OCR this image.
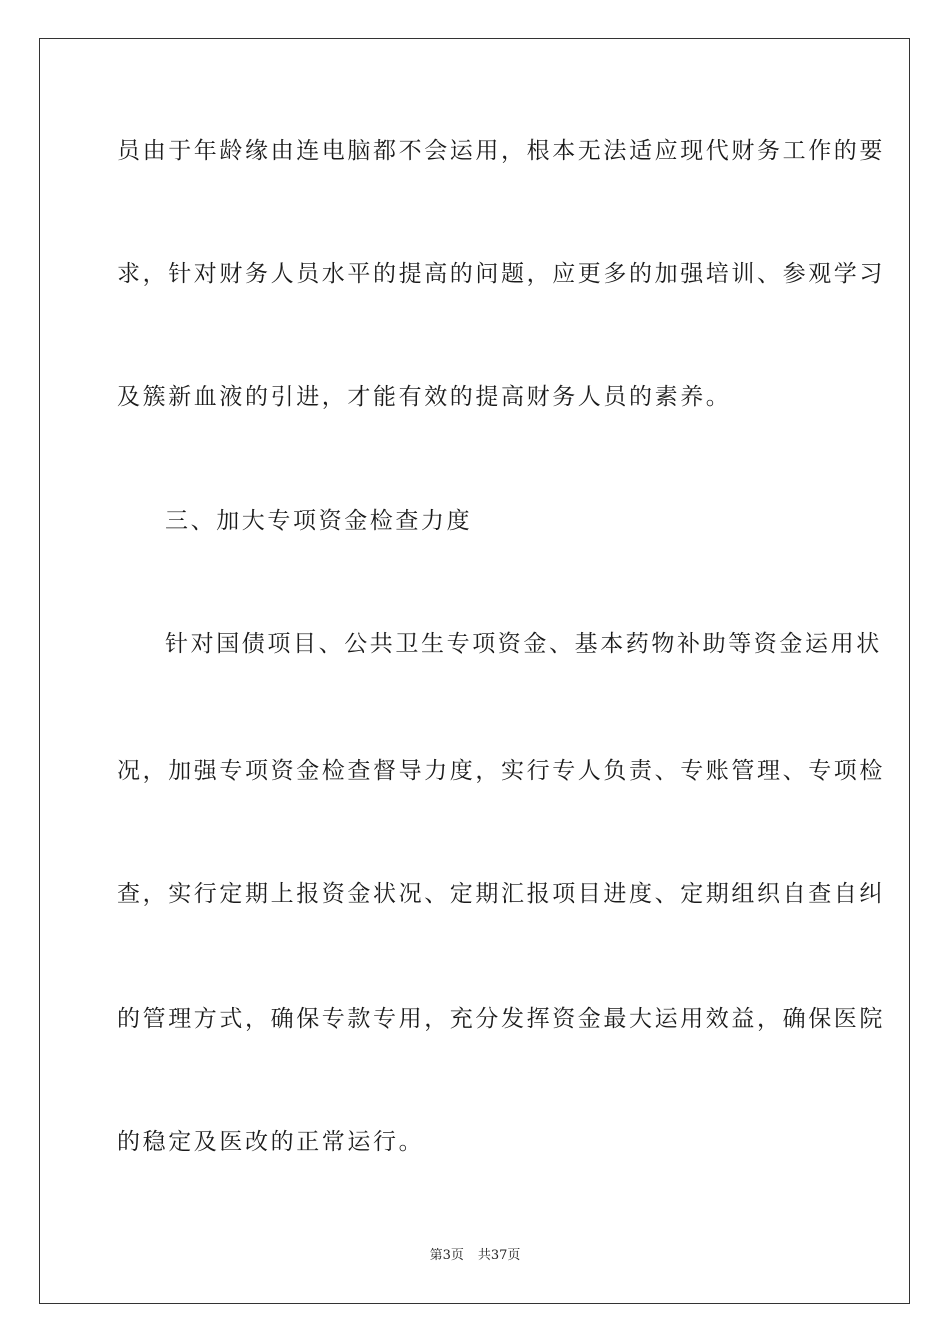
员由于年龄缘由连电脑都不会运用，根本无法适应现代财务工作的要
求，针对财务人员水平的提高的问题，应更多的加强培训、参观学习
及簇新血液的引进，才能有效的提高财务人员的素养。
三、加大专项资金检查力度
针对国债项目、公共卫生专项资金、基本药物补助等资金运用状
况，加强专项资金检查督导力度，实行专人负责、专账管理、专项检
查，实行定期上报资金状况、定期汇报项目进度、定期组织自查自纠
的管理方式，确保专款专用，充分发挥资金最大运用效益，确保医院
的稳定及医改的正常运行。
第3页 共37页
